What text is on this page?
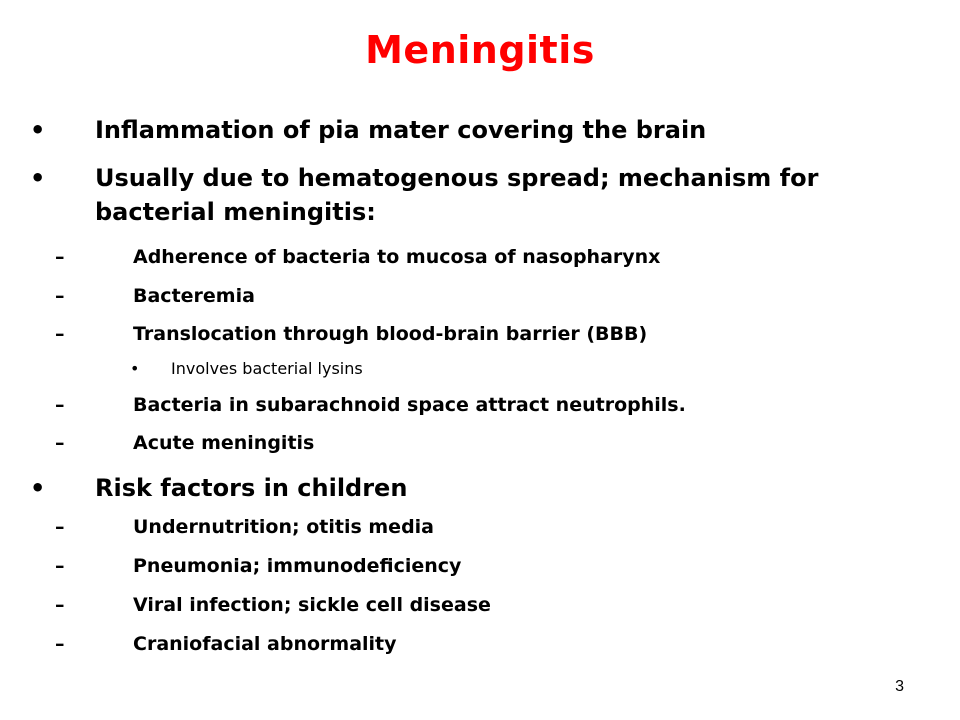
Meningitis
• Inflammation of pia mater covering the brain
• Usually due to hematogenous spread; mechanism for
bacterial meningitis:
–	Adherence of bacteria to mucosa of nasopharynx
–	Bacteremia
–	Translocation through blood-brain barrier (BBB)
• Involves bacterial lysins
–	Bacteria in subarachnoid space attract neutrophils.
–	Acute meningitis
• Risk factors in children
–	Undernutrition; otitis media
–	Pneumonia; immunodeficiency
–	Viral infection; sickle cell disease
–	Craniofacial abnormality
3
